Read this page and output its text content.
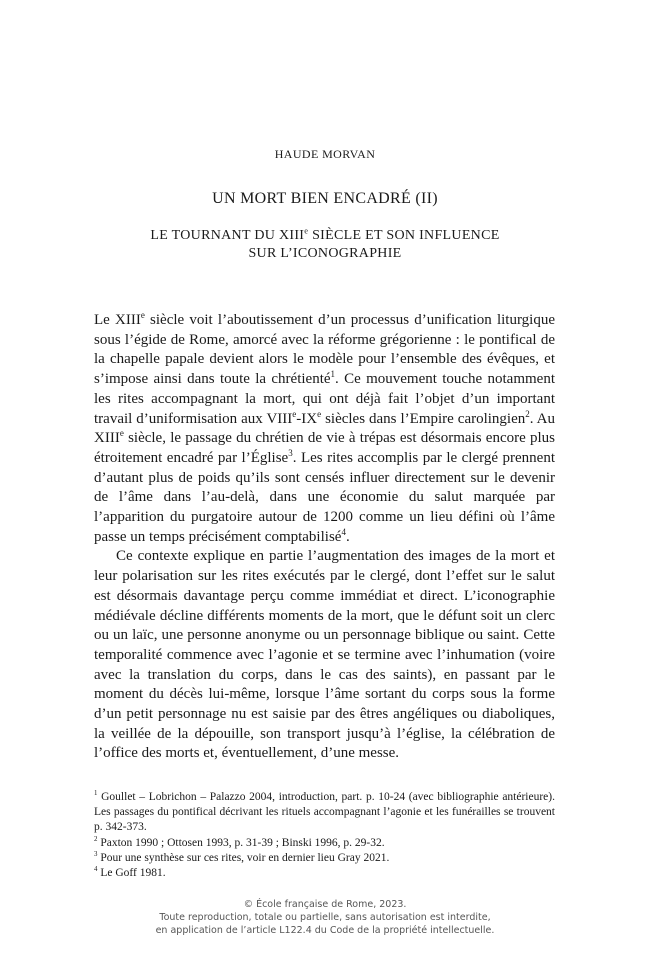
HAUDE MORVAN
UN MORT BIEN ENCADRÉ (II)
LE TOURNANT DU XIIIe SIÈCLE ET SON INFLUENCE
SUR L’ICONOGRAPHIE

Le XIIIe siècle voit l’aboutissement d’un processus d’unification liturgique sous l’égide de Rome, amorcé avec la réforme grégorienne : le pontifical de la chapelle papale devient alors le modèle pour l’ensemble des évêques, et s’impose ainsi dans toute la chrétienté$^1$. Ce mouvement touche notamment les rites accompagnant la mort, qui ont déjà fait l’objet d’un important travail d’uniformisation aux VIIIe-IXe siècles dans l’Empire carolingien$^2$. Au XIIIe siècle, le passage du chrétien de vie à trépas est désormais encore plus étroitement encadré par l’Église$^3$. Les rites accomplis par le clergé prennent d’autant plus de poids qu’ils sont censés influer directement sur le devenir de l’âme dans l’au-delà, dans une économie du salut marquée par l’apparition du purgatoire autour de 1200 comme un lieu défini où l’âme passe un temps précisément comptabilisé$^4$.

Ce contexte explique en partie l’augmentation des images de la mort et leur polarisation sur les rites exécutés par le clergé, dont l’effet sur le salut est désormais davantage perçu comme immédiat et direct. L’iconographie médiévale décline différents moments de la mort, que le défunt soit un clerc ou un laïc, une personne anonyme ou un personnage biblique ou saint. Cette temporalité commence avec l’agonie et se termine avec l’inhumation (voire avec la translation du corps, dans le cas des saints), en passant par le moment du décès lui-même, lorsque l’âme sortant du corps sous la forme d’un petit personnage nu est saisie par des êtres angéliques ou diaboliques, la veillée de la dépouille, son transport jusqu’à l’église, la célébration de l’office des morts et, éventuellement, d’une messe.

$^1$ Goullet – Lobrichon – Palazzo 2004, introduction, part. p. 10-24 (avec bibliographie antérieure). Les passages du pontifical décrivant les rituels accompagnant l’agonie et les funérailles se trouvent p. 342-373.

$^2$ Paxton 1990 ; Ottosen 1993, p. 31-39 ; Binski 1996, p. 29-32.

$^3$ Pour une synthèse sur ces rites, voir en dernier lieu Gray 2021.

$^4$ Le Goff 1981.

© École française de Rome, 2023.
Toute reproduction, totale ou partielle, sans autorisation est interdite,
en application de l’article L122.4 du Code de la propriété intellectuelle.
